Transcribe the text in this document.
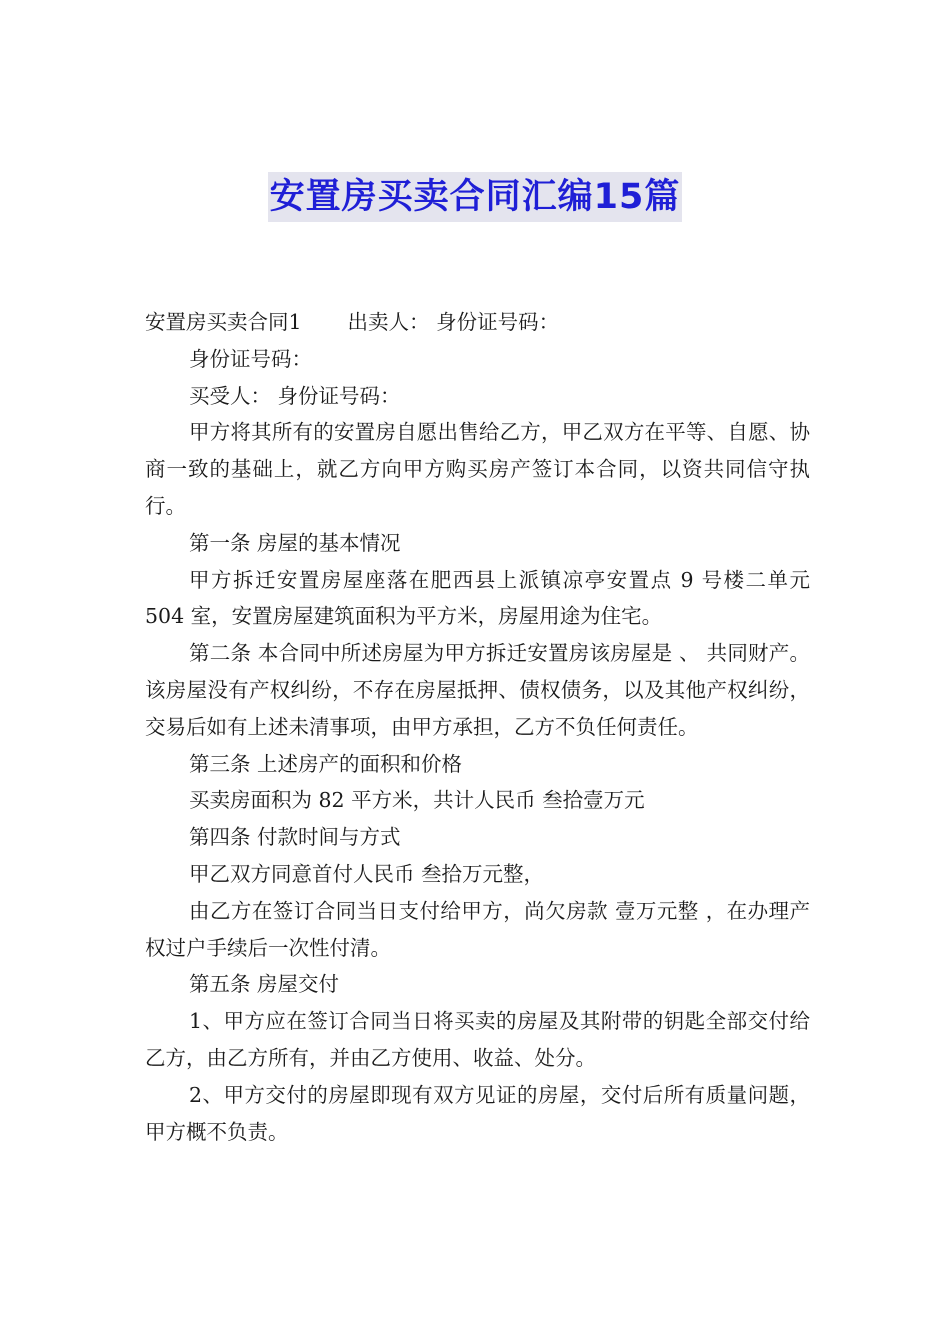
安置房买卖合同汇编15篇

安置房买卖合同1 出卖人： 身份证号码：

身份证号码：

买受人： 身份证号码：

甲方将其所有的安置房自愿出售给乙方，甲乙双方在平等、自愿、协商一致的基础上，就乙方向甲方购买房产签订本合同，以资共同信守执行。

第一条 房屋的基本情况

甲方拆迁安置房屋座落在肥西县上派镇凉亭安置点 9 号楼二单元 504 室，安置房屋建筑面积为平方米，房屋用途为住宅。

第二条 本合同中所述房屋为甲方拆迁安置房该房屋是 、 共同财产。该房屋没有产权纠纷，不存在房屋抵押、债权债务，以及其他产权纠纷，交易后如有上述未清事项，由甲方承担，乙方不负任何责任。

第三条 上述房产的面积和价格

买卖房面积为 82 平方米，共计人民币 叁拾壹万元

第四条 付款时间与方式

甲乙双方同意首付人民币 叁拾万元整，

由乙方在签订合同当日支付给甲方，尚欠房款 壹万元整 ，在办理产权过户手续后一次性付清。

第五条 房屋交付

1、甲方应在签订合同当日将买卖的房屋及其附带的钥匙全部交付给乙方，由乙方所有，并由乙方使用、收益、处分。

2、甲方交付的房屋即现有双方见证的房屋，交付后所有质量问题，甲方概不负责。
